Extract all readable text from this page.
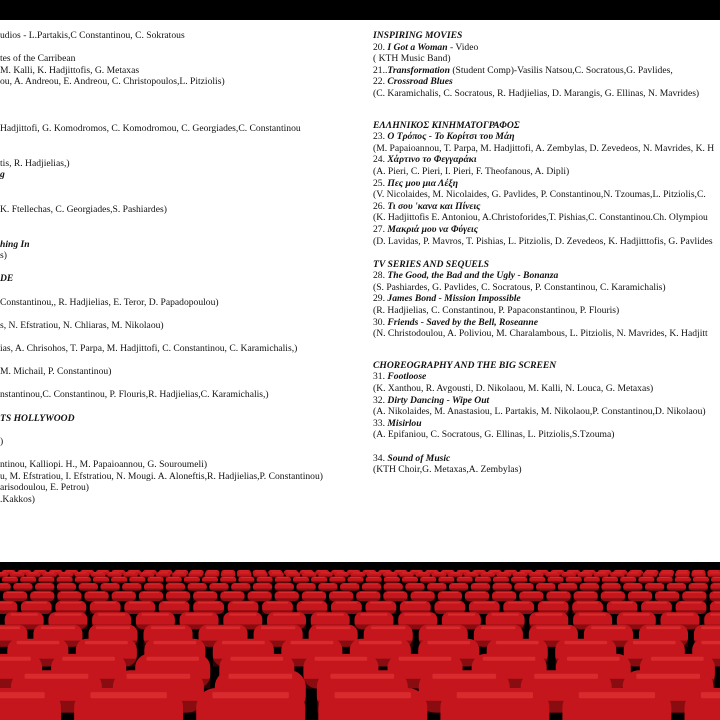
udios - L.Partakis,C Constantinou, C. Sokratous
tes of the Carribean
M. Kalli, K. Hadjittofis, G. Metaxas
ou, A. Andreou, E. Andreou, C. Christopoulos,L. Pitziolis)
Hadjittofi, G. Komodromos, C. Komodromou, C. Georgiades,C. Constantinou
tis, R. Hadjielias,)
g
K. Ftellechas, C. Georgiades,S. Pashiardes)
hing In
s)
DE
Constantinou,, R. Hadjielias, E. Teror, D. Papadopoulou)
s, N. Efstratiou, N. Chliaras, M. Nikolaou)
ias, A. Chrisohos, T. Parpa, M. Hadjittofi, C. Constantinou, C. Karamichalis,)
M. Michail, P. Constantinou)
nstantinou,C. Constantinou, P. Flouris,R. Hadjielias,C. Karamichalis,)
TS HOLLYWOOD
)
ntinou, Kalliopi. H., M. Papaioannou, G. Souroumeli)
u, M. Efstratiou, I. Efstratiou, N. Mougi. A. Aloneftis,R. Hadjielias,P. Constantinou)
arisodoulou, E. Petrou)
.Kakkos)
INSPIRING MOVIES
20. I Got a Woman - Video
( KTH Music Band)
21..Transformation (Student Comp)-Vasilis Natsou,C. Socratous,G. Pavlides,
22. Crossroad Blues
(C. Karamichalis, C. Socratous, R. Hadjielias, D. Marangis, G. Ellinas, N. Mavrides)
ΕΛΛΗΝΙΚΟΣ ΚΙΝΗΜΑΤΟΓΡΑΦΟΣ
23. Ο Τρόπος - Το Κορίτσι του Μάη
(M. Papaioannou, T. Parpa, M. Hadjittofi, A. Zembylas, D. Zevedeos, N. Mavrides, K. H
24. Χάρτινο το Φεγγαράκι
(A. Pieri, C. Pieri, I. Pieri, F. Theofanous, A. Dipli)
25. Πες μου μια Λέξη
(V. Nicolaides, M. Nicolaides, G. Pavlides, P. Constantinou,N. Tzoumas,L. Pitziolis,C.
26. Τι σου 'κανα και Πίνεις
(K. Hadjittofis E. Antoniou, A.Christoforides,T. Pishias,C. Constantinou.Ch. Olympiou
27. Μακριά μου να Φύγεις
(D. Lavidas, P. Mavros, T. Pishias, L. Pitziolis, D. Zevedeos, K. Hadjitttofis, G. Pavlides
TV SERIES AND SEQUELS
28. The Good, the Bad and the Ugly - Bonanza
(S. Pashiardes, G. Pavlides, C. Socratous, P. Constantinou, C. Karamichalis)
29. James Bond - Mission Impossible
(R. Hadjielias, C. Constantinou, P. Papaconstantinou, P. Flouris)
30. Friends - Saved by the Bell, Roseanne
(N. Christodoulou, A. Poliviou, M. Charalambous, L. Pitziolis, N. Mavrides, K. Hadjitt
CHOREOGRAPHY AND THE BIG SCREEN
31. Footloose
(K. Xanthou, R. Avgousti, D. Nikolaou, M. Kalli, N. Louca, G. Metaxas)
32. Dirty Dancing - Wipe Out
(A. Nikolaides, M. Anastasiou, L. Partakis, M. Nikolaou,P. Constantinou,D. Nikolaou)
33. Misirlou
(A. Epifaniou, C. Socratous, G. Ellinas, L. Pitziolis,S.Tzouma)
34. Sound of Music
(KTH Choir,G. Metaxas,A. Zembylas)
